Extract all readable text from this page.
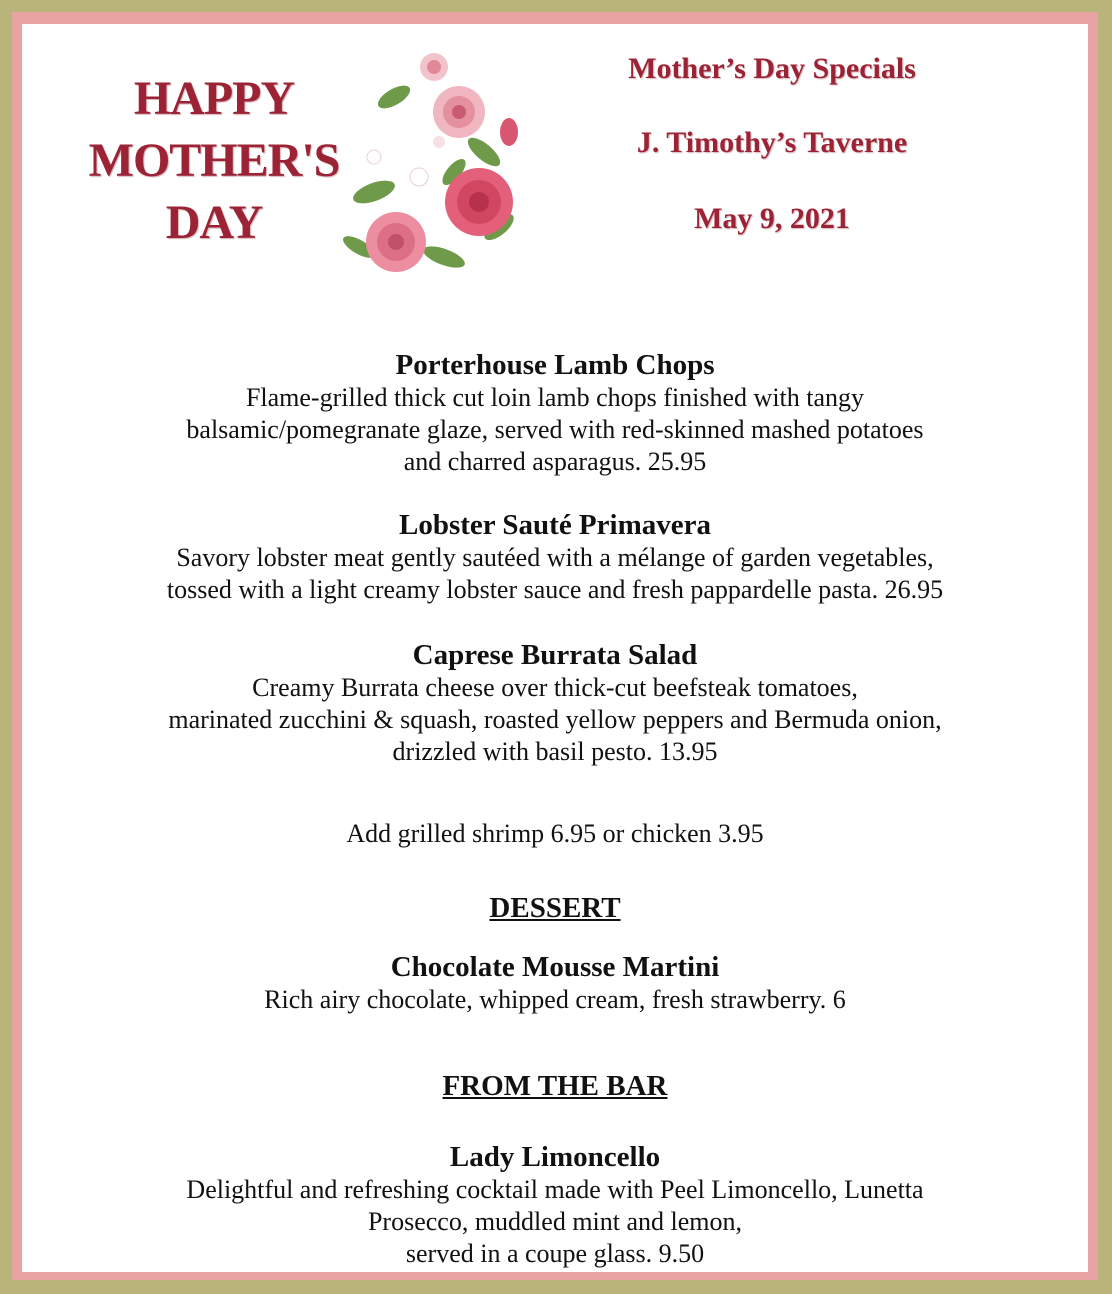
HAPPY
MOTHER'S
DAY
Mother’s Day Specials
J. Timothy’s Taverne
May 9, 2021
Porterhouse Lamb Chops
Flame-grilled thick cut loin lamb chops finished with tangy
balsamic/pomegranate glaze, served with red-skinned mashed potatoes
and charred asparagus. 25.95
Lobster Sauté Primavera
Savory lobster meat gently sautéed with a mélange of garden vegetables,
tossed with a light creamy lobster sauce and fresh pappardelle pasta. 26.95
Caprese Burrata Salad
Creamy Burrata cheese over thick-cut beefsteak tomatoes,
marinated zucchini & squash, roasted yellow peppers and Bermuda onion,
drizzled with basil pesto. 13.95
Add grilled shrimp 6.95 or chicken 3.95
DESSERT
Chocolate Mousse Martini
Rich airy chocolate, whipped cream, fresh strawberry. 6
FROM THE BAR
Lady Limoncello
Delightful and refreshing cocktail made with Peel Limoncello, Lunetta
Prosecco, muddled mint and lemon,
served in a coupe glass. 9.50
